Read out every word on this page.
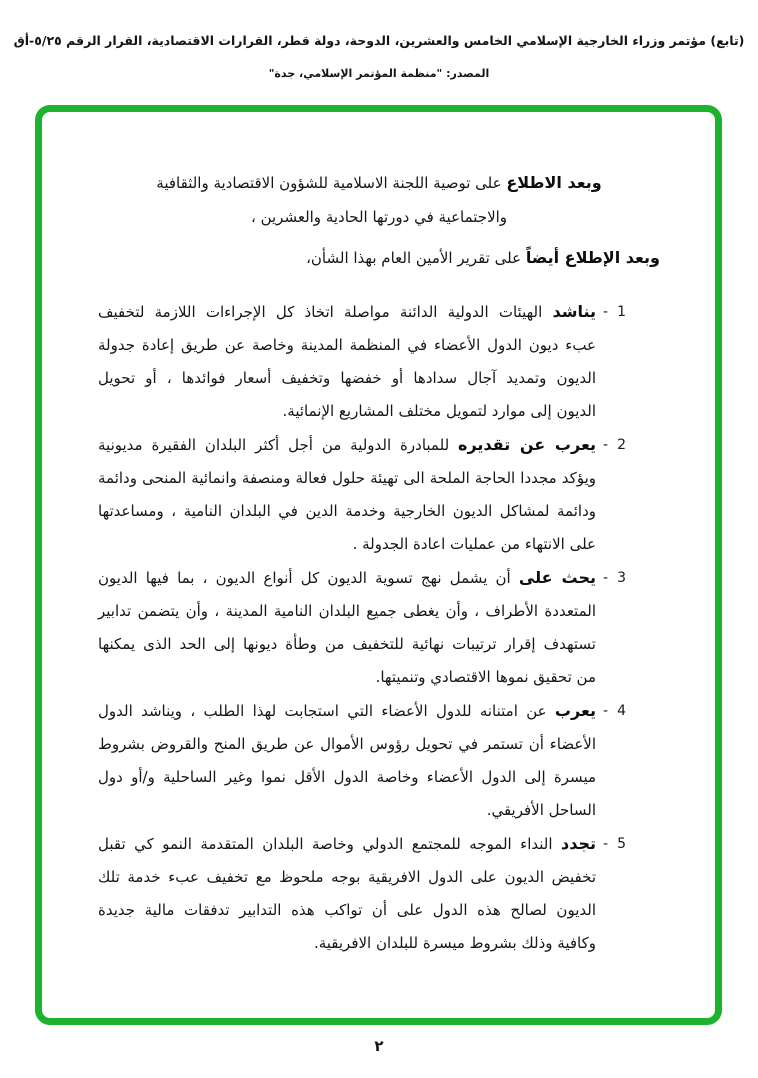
(تابع) مؤتمر وزراء الخارجية الإسلامي الخامس والعشرين، الدوحة، دولة قطر، القرارات الاقتصادية، القرار الرقم ٥/٢٥-أق
المصدر: "منظمة المؤتمر الإسلامي، جدة"
وبعد الاطلاع على توصية اللجنة الاسلامية للشؤون الاقتصادية والثقافية
والاجتماعية في دورتها الحادية والعشرين ،
وبعد الإطلاع أيضاً على تقرير الأمين العام بهذا الشأن،
1
-
يناشد الهيئات الدولية الدائنة مواصلة اتخاذ كل الإجراءات اللازمة لتخفيف
عبء ديون الدول الأعضاء في المنظمة المدينة وخاصة عن طريق إعادة جدولة
الديون وتمديد آجال سدادها أو خفضها وتخفيف أسعار فوائدها ، أو تحويل
الديون إلى موارد لتمويل مختلف المشاريع الإنمائية.
2
-
يعرب عن تقديره للمبادرة الدولية من أجل أكثر البلدان الفقيرة مديونية
ويؤكد مجددا الحاجة الملحة الى تهيئة حلول فعالة ومنصفة وانمائية المنحى ودائمة
ودائمة لمشاكل الديون الخارجية وخدمة الدين في البلدان النامية ، ومساعدتها
على الانتهاء من عمليات اعادة الجدولة .
3
-
يحث على أن يشمل نهج تسوية الديون كل أنواع الديون ، بما فيها الديون
المتعددة الأطراف ، وأن يغطى جميع البلدان النامية المدينة ، وأن يتضمن تدابير
تستهدف إقرار ترتيبات نهائية للتخفيف من وطأة ديونها إلى الحد الذى يمكنها
من تحقيق نموها الاقتصادي وتنميتها.
4
-
يعرب عن امتنانه للدول الأعضاء التي استجابت لهذا الطلب ، ويناشد الدول
الأعضاء أن تستمر في تحويل رؤوس الأموال عن طريق المنح والقروض بشروط
ميسرة إلى الدول الأعضاء وخاصة الدول الأقل نموا وغير الساحلية و/أو دول
الساحل الأفريقي.
5
-
تجدد النداء الموجه للمجتمع الدولي وخاصة البلدان المتقدمة النمو كي تقبل
تخفيض الديون على الدول الافريقية بوجه ملحوظ مع تخفيف عبء خدمة تلك
الديون لصالح هذه الدول على أن تواكب هذه التدابير تدفقات مالية جديدة
وكافية وذلك بشروط ميسرة للبلدان الافريقية.
٢
